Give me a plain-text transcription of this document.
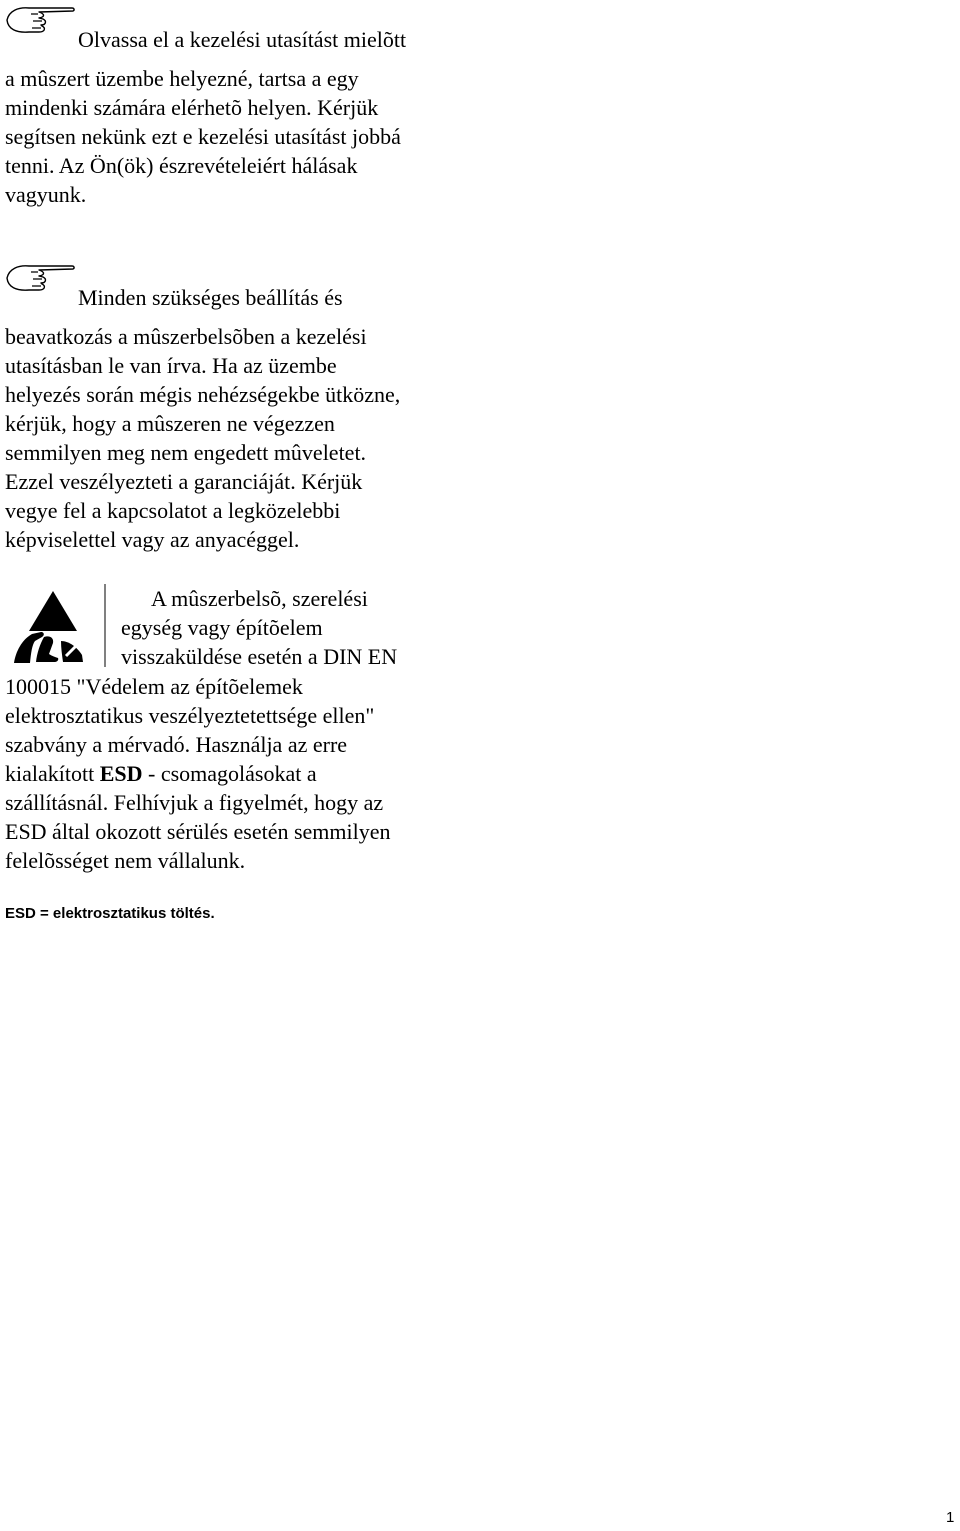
Olvassa el a kezelési utasítást mielõtt

a mûszert üzembe helyezné, tartsa a egy

mindenki számára elérhetõ helyen. Kérjük

segítsen nekünk ezt e kezelési utasítást jobbá

tenni. Az Ön(ök) észrevételeiért hálásak

vagyunk.

Minden szükséges beállítás és

beavatkozás a mûszerbelsõben a kezelési

utasításban le van írva. Ha az üzembe

helyezés során mégis nehézségekbe ütközne,

kérjük, hogy a mûszeren ne végezzen

semmilyen meg nem engedett mûveletet.

Ezzel veszélyezteti a garanciáját. Kérjük

vegye fel a kapcsolatot a legközelebbi

képviselettel vagy az anyacéggel.

A mûszerbelsõ, szerelési

egység vagy építõelem

visszaküldése esetén a DIN EN

100015 "Védelem az építõelemek

elektrosztatikus veszélyeztetettsége ellen"

szabvány a mérvadó. Használja az erre

kialakított ESD - csomagolásokat a

szállításnál. Felhívjuk a figyelmét, hogy az

ESD által okozott sérülés esetén semmilyen

felelõsséget nem vállalunk.

ESD = elektrosztatikus töltés.
1
